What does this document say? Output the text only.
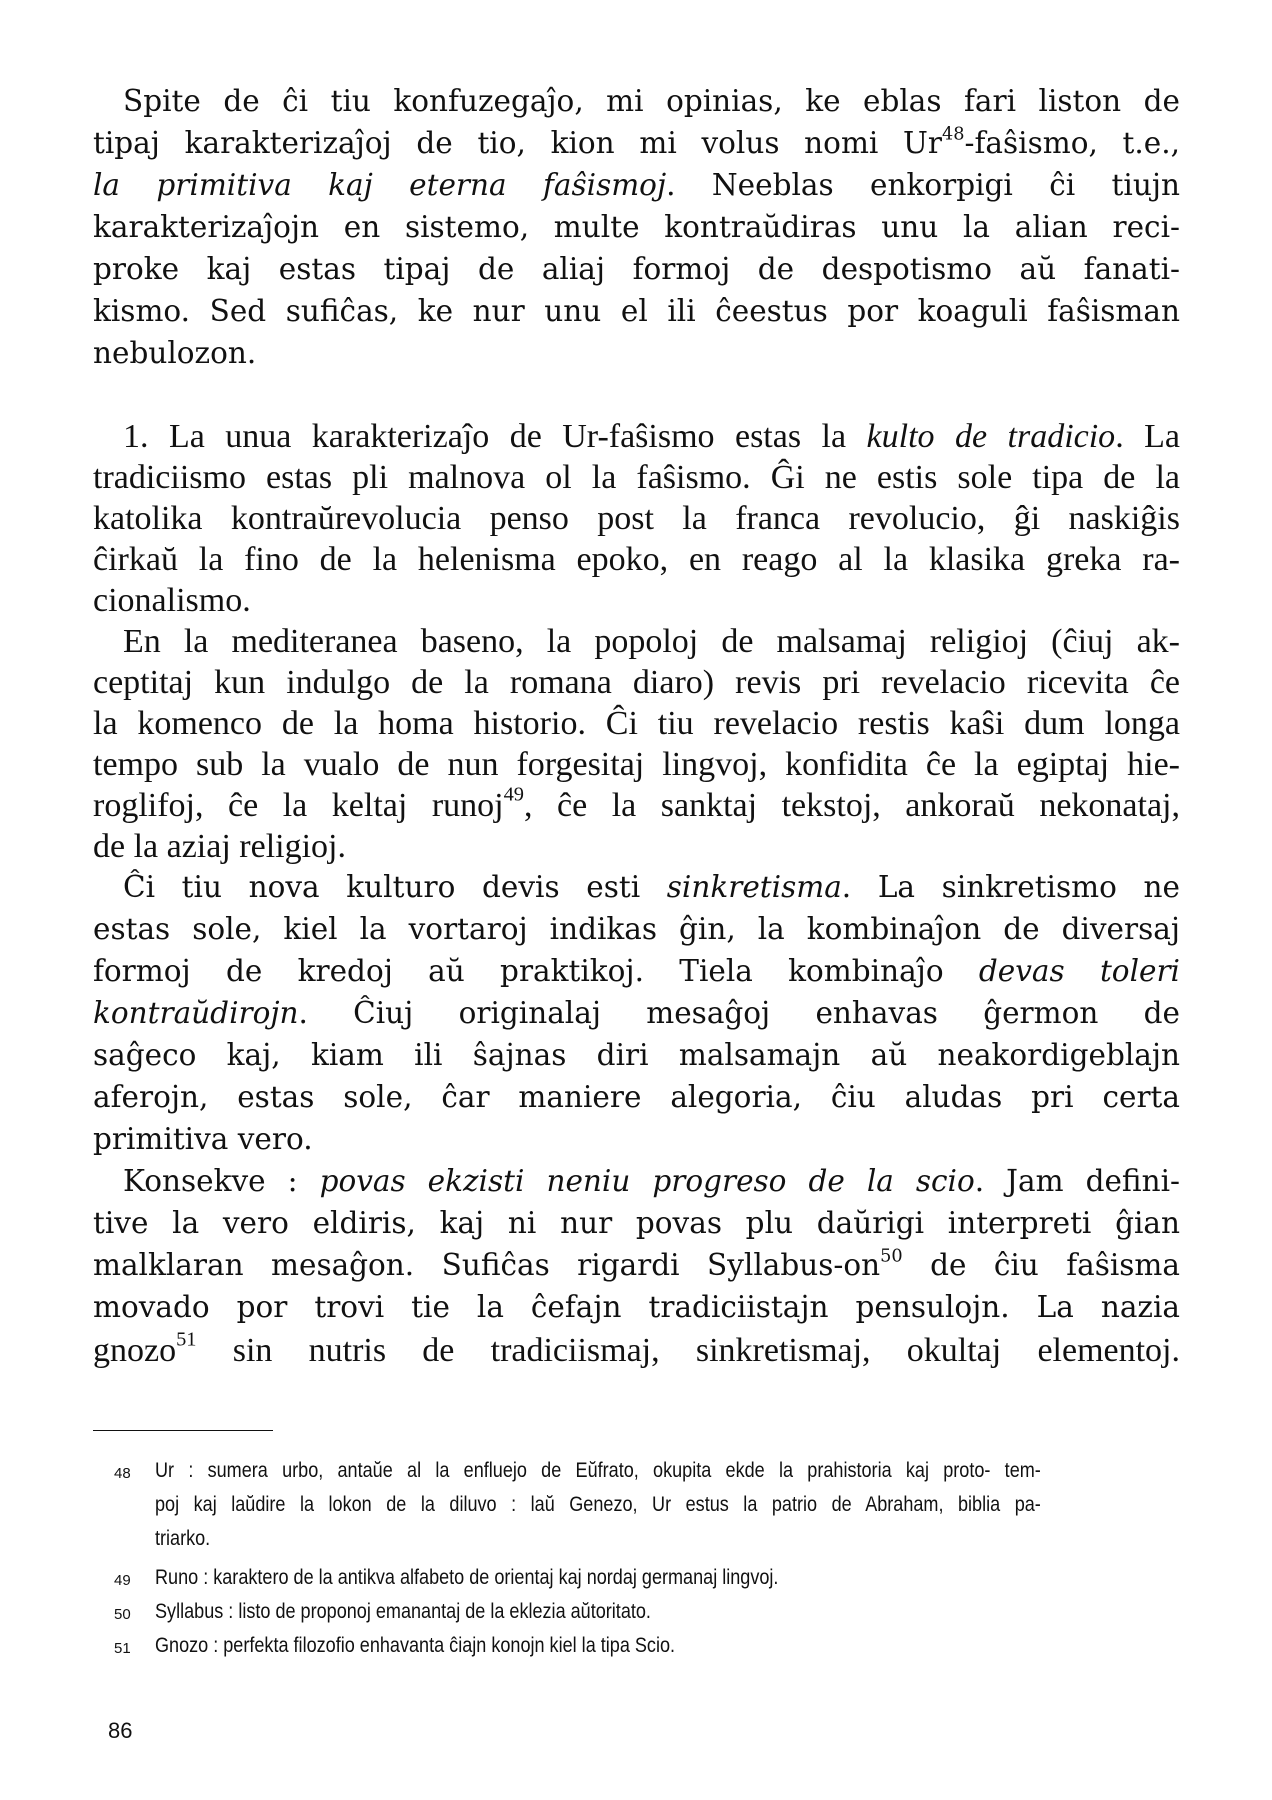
Spite de ĉi tiu konfuzegaĵo, mi opinias, ke eblas fari liston de

tipaj karakterizaĵoj de tio, kion mi volus nomi Ur$^{48}$-faŝismo, t.e.,

la primitiva kaj eterna faŝismoj. Neeblas enkorpigi ĉi tiujn

karakterizaĵojn en sistemo, multe kontraŭdiras unu la alian reci-

proke kaj estas tipaj de aliaj formoj de despotismo aŭ fanati-

kismo. Sed sufiĉas, ke nur unu el ili ĉeestus por koaguli faŝisman

nebulozon.

1. La unua karakterizaĵo de Ur-faŝismo estas la kulto de tradicio. La

tradiciismo estas pli malnova ol la faŝismo. Ĝi ne estis sole tipa de la

katolika kontraŭrevolucia penso post la franca revolucio, ĝi naskiĝis

ĉirkaŭ la fino de la helenisma epoko, en reago al la klasika greka ra-

cionalismo.

En la mediteranea baseno, la popoloj de malsamaj religioj (ĉiuj ak-

ceptitaj kun indulgo de la romana diaro) revis pri revelacio ricevita ĉe

la komenco de la homa historio. Ĉi tiu revelacio restis kaŝi dum longa

tempo sub la vualo de nun forgesitaj lingvoj, konfidita ĉe la egiptaj hie-

roglifoj, ĉe la keltaj runoj$^{49}$, ĉe la sanktaj tekstoj, ankoraŭ nekonataj,

de la aziaj religioj.

Ĉi tiu nova kulturo devis esti sinkretisma. La sinkretismo ne

estas sole, kiel la vortaroj indikas ĝin, la kombinaĵon de diversaj

formoj de kredoj aŭ praktikoj. Tiela kombinaĵo devas toleri

kontraŭdirojn. Ĉiuj originalaj mesaĝoj enhavas ĝermon de

saĝeco kaj, kiam ili ŝajnas diri malsamajn aŭ neakordigeblajn

aferojn, estas sole, ĉar maniere alegoria, ĉiu aludas pri certa

primitiva vero.

Konsekve : povas ekzisti neniu progreso de la scio. Jam defini-

tive la vero eldiris, kaj ni nur povas plu daŭrigi interpreti ĝian

malklaran mesaĝon. Sufiĉas rigardi Syllabus-$on^{50}$ de ĉiu faŝisma

movado por trovi tie la ĉefajn tradiciistajn pensulojn. La nazia

gnozo$^{51}$ sin nutris de tradiciismaj, sinkretismaj, okultaj elementoj.

48 Ur : sumera urbo, antaŭe al la enfluejo de Eŭfrato, okupita ekde la prahistoria kaj proto- tem-

poj kaj laŭdire la lokon de la diluvo : laŭ Genezo, Ur estus la patrio de Abraham, biblia pa-

triarko.

49 Runo : karaktero de la antikva alfabeto de orientaj kaj nordaj germanaj lingvoj.

50 Syllabus : listo de proponoj emanantaj de la eklezia aŭtoritato.

51 Gnozo : perfekta filozofio enhavanta ĉiajn konojn kiel la tipa Scio.

86
